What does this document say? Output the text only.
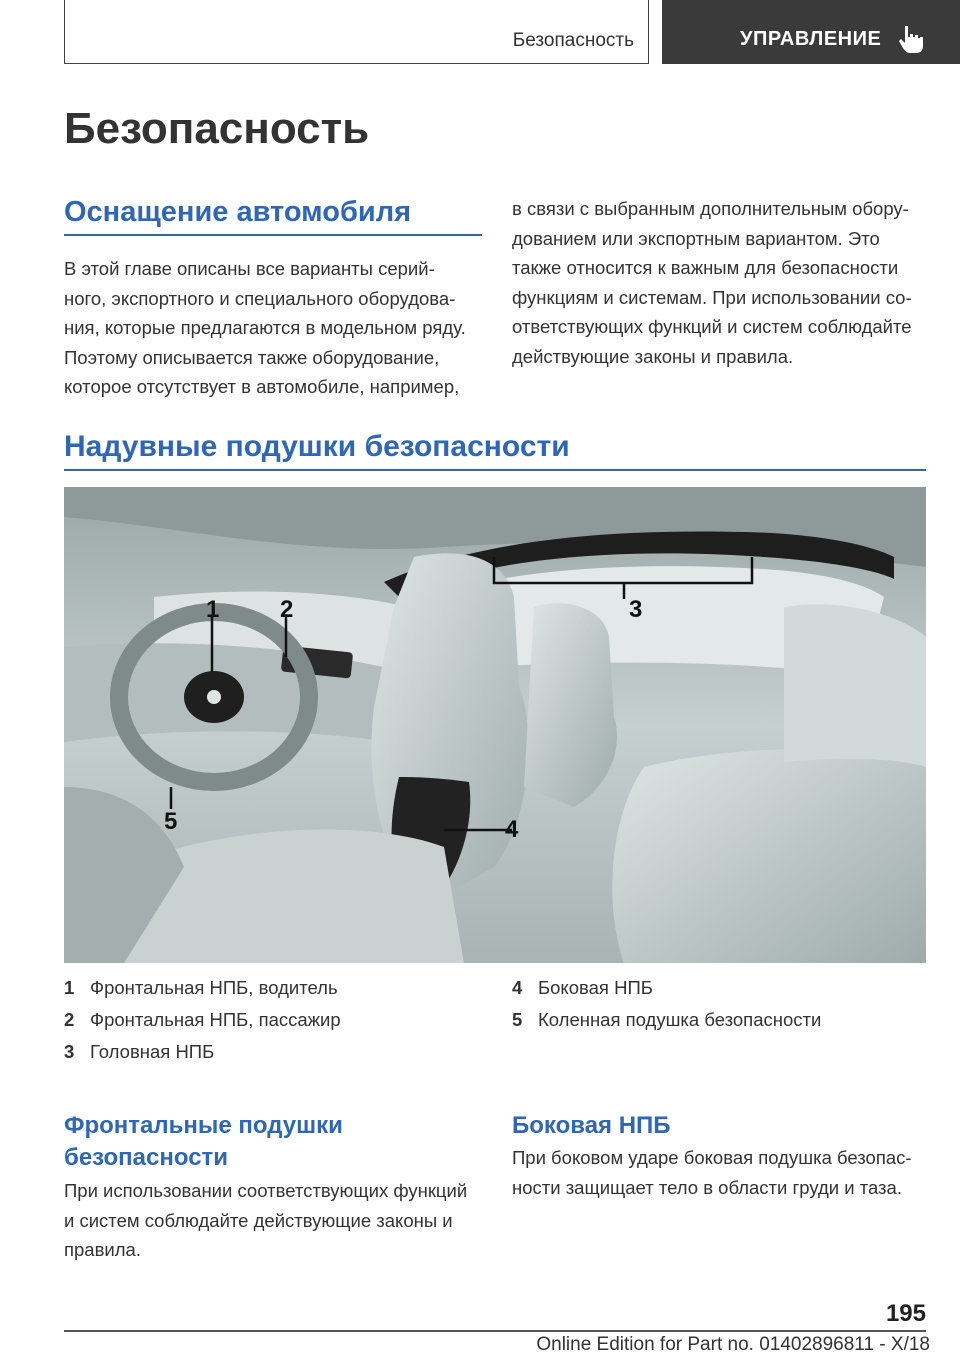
Безопасность	УПРАВЛЕНИЕ
Безопасность
Оснащение автомобиля
В этой главе описаны все варианты серий-
ного, экспортного и специального оборудова-
ния, которые предлагаются в модельном ряду.
Поэтому описывается также оборудование,
которое отсутствует в автомобиле, например,
в связи с выбранным дополнительным обору-
дованием или экспортным вариантом. Это
также относится к важным для безопасности
функциям и системам. При использовании со-
ответствующих функций и систем соблюдайте
действующие законы и правила.
Надувные подушки безопасности
1	2	3
4
5
1 Фронтальная НПБ, водитель
2 Фронтальная НПБ, пассажир
3 Головная НПБ
4 Боковая НПБ
5 Коленная подушка безопасности
Фронтальные подушки
безопасности
При использовании соответствующих функций
и систем соблюдайте действующие законы и
правила.
Боковая НПБ
При боковом ударе боковая подушка безопас-
ности защищает тело в области груди и таза.
195
Online Edition for Part no. 01402896811 - X/18
